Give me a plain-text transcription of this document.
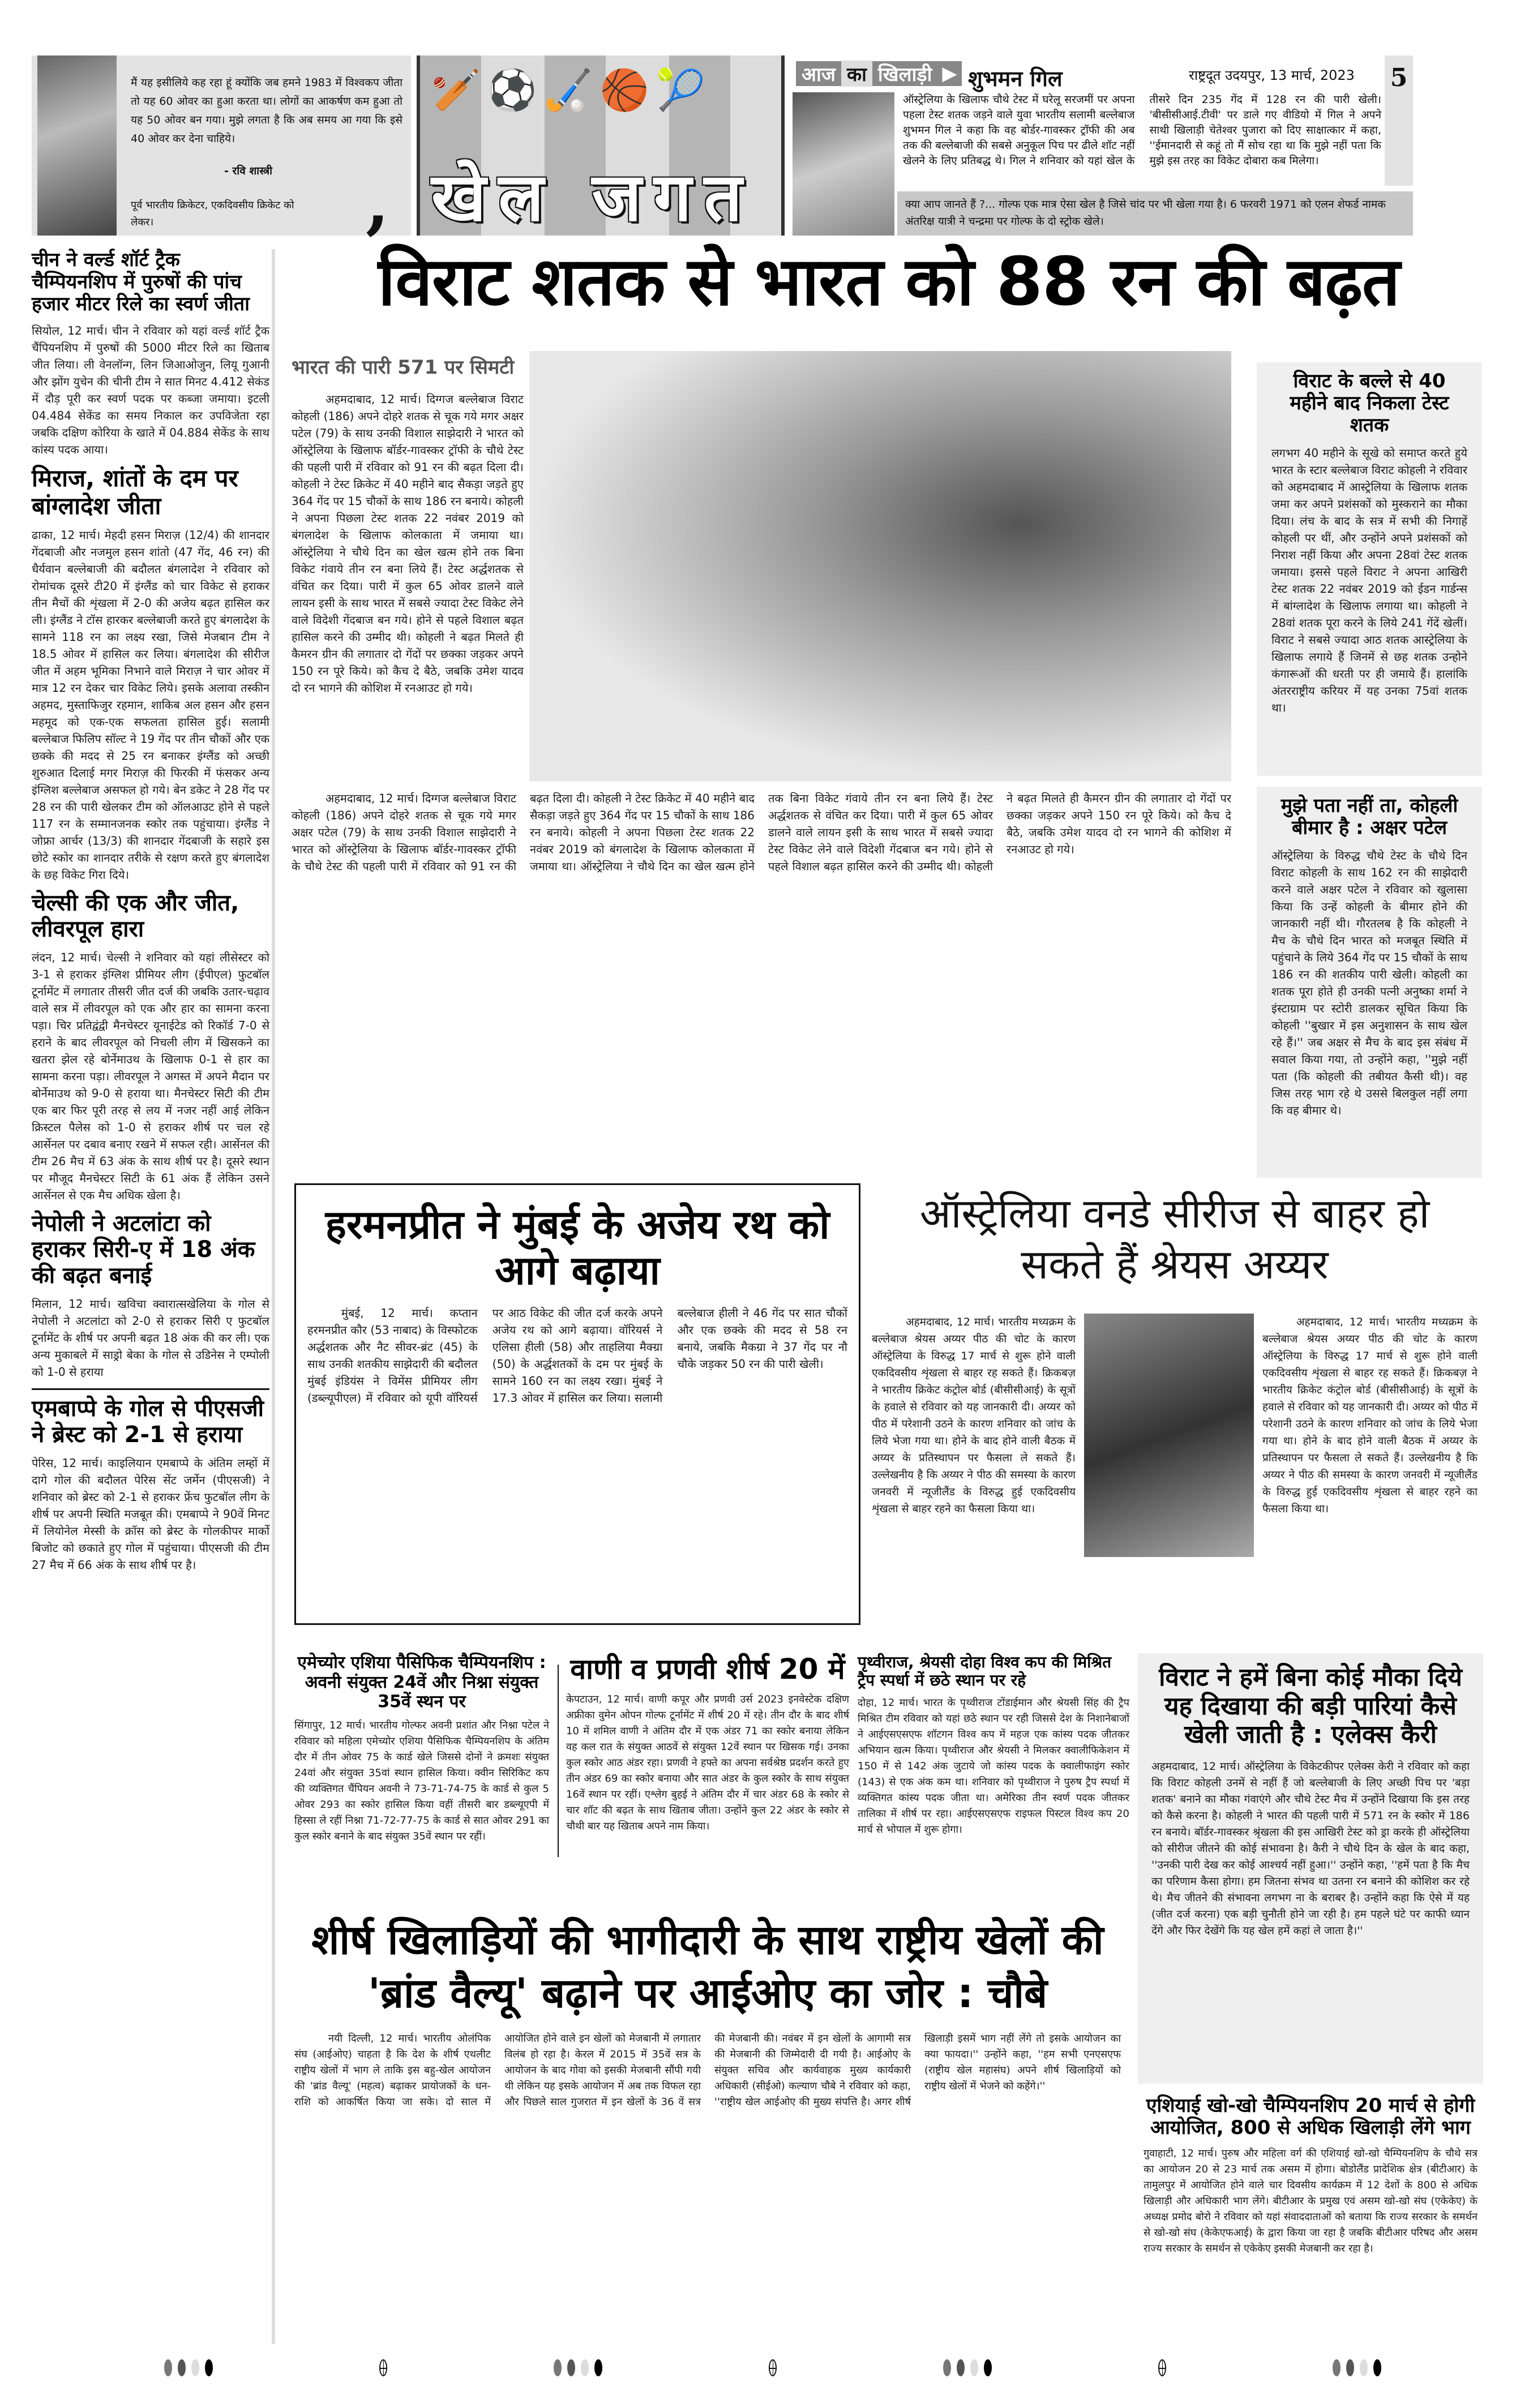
मैं यह इसीलिये कह रहा हूं क्योंकि जब हमने 1983 में विश्वकप जीता तो यह 60 ओवर का हुआ करता था। लोगों का आकर्षण कम हुआ तो यह 50 ओवर बन गया। मुझे लगता है कि अब समय आ गया कि इसे 40 ओवर कर देना चाहिये।
- रवि शास्त्री
पूर्व भारतीय क्रिकेटर, एकदिवसीय क्रिकेट को लेकर।	,
🏏⚽🏑🏀🎾
खेल जगत
आज का खिलाड़ी ▶ शुभमन गिल	राष्ट्रदूत उदयपुर, 13 मार्च, 2023 5
ऑस्ट्रेलिया के खिलाफ चौथे टेस्ट में घरेलू सरजमीं पर अपना पहला टेस्ट शतक जड़ने वाले युवा भारतीय सलामी बल्लेबाज शुभमन गिल ने कहा कि वह बोर्डर-गावस्कर ट्रॉफी की अब तक की बल्लेबाजी की सबसे अनुकूल पिच पर ढीले शॉट नहीं खेलने के लिए प्रतिबद्ध थे। गिल ने शनिवार को यहां खेल के तीसरे दिन 235 गेंद में 128 रन की पारी खेली। 'बीसीसीआई.टीवी' पर डाले गए वीडियो में गिल ने अपने साथी खिलाड़ी चेतेश्वर पुजारा को दिए साक्षात्कार में कहा, ''ईमानदारी से कहूं तो मैं सोच रहा था कि मुझे नहीं पता कि मुझे इस तरह का विकेट दोबारा कब मिलेगा।
क्या आप जानते हैं ?... गोल्फ एक मात्र ऐसा खेल है जिसे चांद पर भी खेला गया है। 6 फरवरी 1971 को एलन शेफर्ड नामक अंतरिक्ष यात्री ने चन्द्रमा पर गोल्फ के दो स्ट्रोक खेले।
चीन ने वर्ल्ड शॉर्ट ट्रैक चैम्पियनशिप में पुरुषों की पांच हजार मीटर रिले का स्वर्ण जीता
सियोल, 12 मार्च। चीन ने रविवार को यहां वर्ल्ड शॉर्ट ट्रैक चैंपियनशिप में पुरुषों की 5000 मीटर रिले का खिताब जीत लिया। ली वेनलॉन्ग, लिन जिआओजुन, लियू गुआनी और झोंग युचेन की चीनी टीम ने सात मिनट 4.412 सेकंड में दौड़ पूरी कर स्वर्ण पदक पर कब्जा जमाया। इटली 04.484 सेकेंड का समय निकाल कर उपविजेता रहा जबकि दक्षिण कोरिया के खाते में 04.884 सेकेंड के साथ कांस्य पदक आया।
मिराज, शांतों के दम पर बांग्लादेश जीता
ढाका, 12 मार्च। मेहदी हसन मिराज़ (12/4) की शानदार गेंदबाजी और नजमुल हसन शांतो (47 गेंद, 46 रन) की धैर्यवान बल्लेबाजी की बदौलत बंगलादेश ने रविवार को रोमांचक दूसरे टी20 में इंग्लैंड को चार विकेट से हराकर तीन मैचों की शृंखला में 2-0 की अजेय बढ़त हासिल कर ली। इंग्लैंड ने टॉस हारकर बल्लेबाजी करते हुए बंगलादेश के सामने 118 रन का लक्ष्य रखा, जिसे मेजबान टीम ने 18.5 ओवर में हासिल कर लिया। बंगलादेश की सीरीज जीत में अहम भूमिका निभाने वाले मिराज़ ने चार ओवर में मात्र 12 रन देकर चार विकेट लिये। इसके अलावा तस्कीन अहमद, मुस्ताफिजुर रहमान, शाकिब अल हसन और हसन महमूद को एक-एक सफलता हासिल हुई। सलामी बल्लेबाज फिलिप सॉल्ट ने 19 गेंद पर तीन चौकों और एक छक्के की मदद से 25 रन बनाकर इंग्लैंड को अच्छी शुरुआत दिलाई मगर मिराज़ की फिरकी में फंसकर अन्य इंग्लिश बल्लेबाज असफल हो गये। बेन डकेट ने 28 गेंद पर 28 रन की पारी खेलकर टीम को ऑलआउट होने से पहले 117 रन के सम्मानजनक स्कोर तक पहुंचाया। इंग्लैंड ने जोफ्रा आर्चर (13/3) की शानदार गेंदबाजी के सहारे इस छोटे स्कोर का शानदार तरीके से रक्षण करते हुए बंगलादेश के छह विकेट गिरा दिये।
चेल्सी की एक और जीत, लीवरपूल हारा
लंदन, 12 मार्च। चेल्सी ने शनिवार को यहां लीसेस्टर को 3-1 से हराकर इंग्लिश प्रीमियर लीग (ईपीएल) फुटबॉल टूर्नामेंट में लगातार तीसरी जीत दर्ज की जबकि उतार-चढ़ाव वाले सत्र में लीवरपूल को एक और हार का सामना करना पड़ा। चिर प्रतिद्वंद्वी मैनचेस्टर यूनाईटेड को रिकॉर्ड 7-0 से हराने के बाद लीवरपूल को निचली लीग में खिसकने का खतरा झेल रहे बोर्नेमाउथ के खिलाफ 0-1 से हार का सामना करना पड़ा। लीवरपूल ने अगस्त में अपने मैदान पर बोर्नेमाउथ को 9-0 से हराया था। मैनचेस्टर सिटी की टीम एक बार फिर पूरी तरह से लय में नजर नहीं आई लेकिन क्रिस्टल पैलेस को 1-0 से हराकर शीर्ष पर चल रहे आर्सेनल पर दबाव बनाए रखने में सफल रही। आर्सेनल की टीम 26 मैच में 63 अंक के साथ शीर्ष पर है। दूसरे स्थान पर मौजूद मैनचेस्टर सिटी के 61 अंक हैं लेकिन उसने आर्सेनल से एक मैच अधिक खेला है।
नेपोली ने अटलांटा को हराकर सिरी-ए में 18 अंक की बढ़त बनाई
मिलान, 12 मार्च। खविचा क्वारात्सखेलिया के गोल से नेपोली ने अटलांटा को 2-0 से हराकर सिरी ए फुटबॉल टूर्नामेंट के शीर्ष पर अपनी बढ़त 18 अंक की कर ली। एक अन्य मुकाबले में साड्रो बेका के गोल से उडिनेस ने एम्पोली को 1-0 से हराया
एमबाप्पे के गोल से पीएसजी ने ब्रेस्ट को 2-1 से हराया
पेरिस, 12 मार्च। काइलियान एमबाप्पे के अंतिम लम्हों में दागे गोल की बदौलत पेरिस सेंट जर्मेन (पीएसजी) ने शनिवार को ब्रेस्ट को 2-1 से हराकर फ्रेंच फुटबॉल लीग के शीर्ष पर अपनी स्थिति मजबूत की। एमबाप्पे ने 90वें मिनट में लियोनेल मेस्सी के क्रॉस को ब्रेस्ट के गोलकीपर मार्को बिजोट को छकाते हुए गोल में पहुंचाया। पीएसजी की टीम 27 मैच में 66 अंक के साथ शीर्ष पर है।
विराट शतक से भारत को 88 रन की बढ़त
भारत की पारी 571 पर सिमटी

अहमदाबाद, 12 मार्च। दिग्गज बल्लेबाज विराट कोहली (186) अपने दोहरे शतक से चूक गये मगर अक्षर पटेल (79) के साथ उनकी विशाल साझेदारी ने भारत को ऑस्ट्रेलिया के खिलाफ बॉर्डर-गावस्कर ट्रॉफी के चौथे टेस्ट की पहली पारी में रविवार को 91 रन की बढ़त दिला दी। कोहली ने टेस्ट क्रिकेट में 40 महीने बाद सैकड़ा जड़ते हुए 364 गेंद पर 15 चौकों के साथ 186 रन बनाये। कोहली ने अपना पिछला टेस्ट शतक 22 नवंबर 2019 को बंगलादेश के खिलाफ कोलकाता में जमाया था। ऑस्ट्रेलिया ने चौथे दिन का खेल खत्म होने तक बिना विकेट गंवाये तीन रन बना लिये हैं। टेस्ट अर्द्धशतक से वंचित कर दिया। पारी में कुल 65 ओवर डालने वाले लायन इसी के साथ भारत में सबसे ज्यादा टेस्ट विकेट लेने वाले विदेशी गेंदबाज बन गये। होने से पहले विशाल बढ़त हासिल करने की उम्मीद थी। कोहली ने बढ़त मिलते ही कैमरन ग्रीन की लगातार दो गेंदों पर छक्का जड़कर अपने 150 रन पूरे किये। को कैच दे बैठे, जबकि उमेश यादव दो रन भागने की कोशिश में रनआउट हो गये।

अहमदाबाद, 12 मार्च। दिग्गज बल्लेबाज विराट कोहली (186) अपने दोहरे शतक से चूक गये मगर अक्षर पटेल (79) के साथ उनकी विशाल साझेदारी ने भारत को ऑस्ट्रेलिया के खिलाफ बॉर्डर-गावस्कर ट्रॉफी के चौथे टेस्ट की पहली पारी में रविवार को 91 रन की बढ़त दिला दी। कोहली ने टेस्ट क्रिकेट में 40 महीने बाद सैकड़ा जड़ते हुए 364 गेंद पर 15 चौकों के साथ 186 रन बनाये। कोहली ने अपना पिछला टेस्ट शतक 22 नवंबर 2019 को बंगलादेश के खिलाफ कोलकाता में जमाया था। ऑस्ट्रेलिया ने चौथे दिन का खेल खत्म होने तक बिना विकेट गंवाये तीन रन बना लिये हैं। टेस्ट अर्द्धशतक से वंचित कर दिया। पारी में कुल 65 ओवर डालने वाले लायन इसी के साथ भारत में सबसे ज्यादा टेस्ट विकेट लेने वाले विदेशी गेंदबाज बन गये। होने से पहले विशाल बढ़त हासिल करने की उम्मीद थी। कोहली ने बढ़त मिलते ही कैमरन ग्रीन की लगातार दो गेंदों पर छक्का जड़कर अपने 150 रन पूरे किये। को कैच दे बैठे, जबकि उमेश यादव दो रन भागने की कोशिश में रनआउट हो गये।

विराट के बल्ले से 40 महीने बाद निकला टेस्ट शतक
लगभग 40 महीने के सूखे को समाप्त करते हुये भारत के स्टार बल्लेबाज विराट कोहली ने रविवार को अहमदाबाद में आस्ट्रेलिया के खिलाफ शतक जमा कर अपने प्रशंसकों को मुस्कराने का मौका दिया। लंच के बाद के सत्र में सभी की निगाहें कोहली पर थीं, और उन्होंने अपने प्रशंसकों को निराश नहीं किया और अपना 28वां टेस्ट शतक जमाया। इससे पहले विराट ने अपना आखिरी टेस्ट शतक 22 नवंबर 2019 को ईडन गार्डन्स में बांग्लादेश के खिलाफ लगाया था। कोहली ने 28वां शतक पूरा करने के लिये 241 गेंदें खेलीं। विराट ने सबसे ज्यादा आठ शतक आस्ट्रेलिया के खिलाफ लगाये हैं जिनमें से छह शतक उन्होने कंगारूओं की धरती पर ही जमाये हैं। हालांकि अंतरराष्ट्रीय करियर में यह उनका 75वां शतक था।
मुझे पता नहीं ता, कोहली बीमार है : अक्षर पटेल
ऑस्ट्रेलिया के विरुद्ध चौथे टेस्ट के चौथे दिन विराट कोहली के साथ 162 रन की साझेदारी करने वाले अक्षर पटेल ने रविवार को खुलासा किया कि उन्हें कोहली के बीमार होने की जानकारी नहीं थी। गौरतलब है कि कोहली ने मैच के चौथे दिन भारत को मजबूत स्थिति में पहुंचाने के लिये 364 गेंद पर 15 चौकों के साथ 186 रन की शतकीय पारी खेली। कोहली का शतक पूरा होते ही उनकी पत्नी अनुष्का शर्मा ने इंस्टाग्राम पर स्टोरी डालकर सूचित किया कि कोहली ''बुखार में इस अनुशासन के साथ खेल रहे हैं।'' जब अक्षर से मैच के बाद इस संबंध में सवाल किया गया, तो उन्होंने कहा, ''मुझे नहीं पता (कि कोहली की तबीयत कैसी थी)। वह जिस तरह भाग रहे थे उससे बिलकुल नहीं लगा कि वह बीमार थे।
हरमनप्रीत ने मुंबई के अजेय रथ को आगे बढ़ाया

मुंबई, 12 मार्च। कप्तान हरमनप्रीत कौर (53 नाबाद) के विस्फोटक अर्द्धशतक और नैट सीवर-ब्रंट (45) के साथ उनकी शतकीय साझेदारी की बदौलत मुंबई इंडियंस ने विमेंस प्रीमियर लीग (डब्ल्यूपीएल) में रविवार को यूपी वॉरियर्स पर आठ विकेट की जीत दर्ज करके अपने अजेय रथ को आगे बढ़ाया। वॉरियर्स ने एलिसा हीली (58) और ताहलिया मैक्ग्रा (50) के अर्द्धशतकों के दम पर मुंबई के सामने 160 रन का लक्ष्य रखा। मुंबई ने 17.3 ओवर में हासिल कर लिया। सलामी बल्लेबाज हीली ने 46 गेंद पर सात चौकों और एक छक्के की मदद से 58 रन बनाये, जबकि मैकग्रा ने 37 गेंद पर नौ चौके जड़कर 50 रन की पारी खेली।

ऑस्ट्रेलिया वनडे सीरीज से बाहर हो सकते हैं श्रेयस अय्यर

अहमदाबाद, 12 मार्च। भारतीय मध्यक्रम के बल्लेबाज श्रेयस अय्यर पीठ की चोट के कारण ऑस्ट्रेलिया के विरुद्ध 17 मार्च से शुरू होने वाली एकदिवसीय शृंखला से बाहर रह सकते हैं। क्रिकबज़ ने भारतीय क्रिकेट कंट्रोल बोर्ड (बीसीसीआई) के सूत्रों के हवाले से रविवार को यह जानकारी दी। अय्यर को पीठ में परेशानी उठने के कारण शनिवार को जांच के लिये भेजा गया था। होने के बाद होने वाली बैठक में अय्यर के प्रतिस्थापन पर फैसला ले सकते हैं। उल्लेखनीय है कि अय्यर ने पीठ की समस्या के कारण जनवरी में न्यूजीलैंड के विरुद्ध हुई एकदिवसीय शृंखला से बाहर रहने का फैसला किया था।

अहमदाबाद, 12 मार्च। भारतीय मध्यक्रम के बल्लेबाज श्रेयस अय्यर पीठ की चोट के कारण ऑस्ट्रेलिया के विरुद्ध 17 मार्च से शुरू होने वाली एकदिवसीय शृंखला से बाहर रह सकते हैं। क्रिकबज़ ने भारतीय क्रिकेट कंट्रोल बोर्ड (बीसीसीआई) के सूत्रों के हवाले से रविवार को यह जानकारी दी। अय्यर को पीठ में परेशानी उठने के कारण शनिवार को जांच के लिये भेजा गया था। होने के बाद होने वाली बैठक में अय्यर के प्रतिस्थापन पर फैसला ले सकते हैं। उल्लेखनीय है कि अय्यर ने पीठ की समस्या के कारण जनवरी में न्यूजीलैंड के विरुद्ध हुई एकदिवसीय शृंखला से बाहर रहने का फैसला किया था।

एमेच्योर एशिया पैसिफिक चैम्पियनशिप : अवनी संयुक्त 24वें और निश्ना संयुक्त 35वें स्थन पर
सिंगापुर, 12 मार्च। भारतीय गोल्फर अवनी प्रशांत और निश्ना पटेल ने रविवार को महिला एमेच्योर एशिया पैसिफिक चैम्पियनशिप के अंतिम दौर में तीन ओवर 75 के कार्ड खेले जिससे दोनों ने क्रमशः संयुक्त 24वां और संयुक्त 35वां स्थान हासिल किया। क्वीन सिरिकिट कप की व्यक्तिगत चैंपियन अवनी ने 73-71-74-75 के कार्ड से कुल 5 ओवर 293 का स्कोर हासिल किया वहीं तीसरी बार डब्ल्यूएपी में हिस्सा ले रहीं निश्ना 71-72-77-75 के कार्ड से सात ओवर 291 का कुल स्कोर बनाने के बाद संयुक्त 35वें स्थान पर रहीं।
वाणी व प्रणवी शीर्ष 20 में
केपटाउन, 12 मार्च। वाणी कपूर और प्रणवी उर्स 2023 इनवेस्टेक दक्षिण अफ्रीका वुमेन ओपन गोल्फ टूर्नामेंट में शीर्ष 20 में रहे। तीन दौर के बाद शीर्ष 10 में शमिल वाणी ने अंतिम दौर में एक अंडर 71 का स्कोर बनाया लेकिन वह कल रात के संयुक्त आठवें से संयुक्त 12वें स्थान पर खिसक गई। उनका कुल स्कोर आठ अंडर रहा। प्रणवी ने हफ्ते का अपना सर्वश्रेष्ठ प्रदर्शन करते हुए तीन अंडर 69 का स्कोर बनाया और सात अंडर के कुल स्कोर के साथ संयुक्त 16वें स्थान पर रहीं। एश्लेग बुहई ने अंतिम दौर में चार अंडर 68 के स्कोर से चार शॉट की बढ़त के साथ खिताब जीता। उन्होंने कुल 22 अंडर के स्कोर से चौथी बार यह खिताब अपने नाम किया।
पृथ्वीराज, श्रेयसी दोहा विश्व कप की मिश्रित ट्रैप स्पर्धा में छठे स्थान पर रहे
दोहा, 12 मार्च। भारत के पृथ्वीराज टोंडाईमान और श्रेयसी सिंह की ट्रैप मिश्रित टीम रविवार को यहां छठे स्थान पर रही जिससे देश के निशानेबाजों ने आईएसएसएफ शॉटगन विश्व कप में महज एक कांस्य पदक जीतकर अभियान खत्म किया। पृथ्वीराज और श्रेयसी ने मिलकर क्वालीफिकेशन में 150 में से 142 अंक जुटाये जो कांस्य पदक के क्वालीफाइंग स्कोर (143) से एक अंक कम था। शनिवार को पृथ्वीराज ने पुरुष ट्रैप स्पर्धा में व्यक्तिगत कांस्य पदक जीता था। अमेरिका तीन स्वर्ण पदक जीतकर तालिका में शीर्ष पर रहा। आईएसएसएफ राइफल पिस्टल विश्व कप 20 मार्च से भोपाल में शुरू होगा।
विराट ने हमें बिना कोई मौका दिये यह दिखाया की बड़ी पारियां कैसे खेली जाती है : एलेक्स कैरी
अहमदाबाद, 12 मार्च। ऑस्ट्रेलिया के विकेटकीपर एलेक्स केरी ने रविवार को कहा कि विराट कोहली उनमें से नहीं हैं जो बल्लेबाजी के लिए अच्छी पिच पर 'बड़ा शतक' बनाने का मौका गंवाएंगे और चौथे टेस्ट मैच में उन्होंने दिखाया कि इस तरह को कैसे करना है। कोहली ने भारत की पहली पारी में 571 रन के स्कोर में 186 रन बनाये। बॉर्डर-गावस्कर श्रृंखला की इस आखिरी टेस्ट को ड्रा करके ही ऑस्ट्रेलिया को सीरीज जीतने की कोई संभावना है। कैरी ने चौथे दिन के खेल के बाद कहा, ''उनकी पारी देख कर कोई आश्चर्य नहीं हुआ।'' उन्होंने कहा, ''हमें पता है कि मैच का परिणाम कैसा होगा। हम जितना संभव था उतना रन बनाने की कोशिश कर रहे थे। मैच जीतने की संभावना लगभग ना के बराबर है। उन्होंने कहा कि ऐसे में यह (जीत दर्ज करना) एक बड़ी चुनौती होने जा रही है। हम पहले घंटे पर काफी ध्यान देंगे और फिर देखेंगे कि यह खेल हमें कहां ले जाता है।''
शीर्ष खिलाड़ियों की भागीदारी के साथ राष्ट्रीय खेलों की 'ब्रांड वैल्यू' बढ़ाने पर आईओए का जोर : चौबे

नयी दिल्ली, 12 मार्च। भारतीय ओलंपिक संघ (आईओए) चाहता है कि देश के शीर्ष एथलीट राष्ट्रीय खेलों में भाग ले ताकि इस बहु-खेल आयोजन की 'ब्रांड वैल्यू' (महत्व) बढ़ाकर प्रायोजकों के धन-राशि को आकर्षित किया जा सके। दो साल में आयोजित होने वाले इन खेलों को मेजबानी में लगातार विलंब हो रहा है। केरल में 2015 में 35वें सत्र के आयोजन के बाद गोवा को इसकी मेजबानी सौंपी गयी थी लेकिन यह इसके आयोजन में अब तक विफल रहा और पिछले साल गुजरात में इन खेलों के 36 वें सत्र की मेजबानी की। नवंबर में इन खेलों के आगामी सत्र की मेजबानी की जिम्मेदारी दी गयी है। आईओए के संयुक्त सचिव और कार्यवाहक मुख्य कार्यकारी अधिकारी (सीईओ) कल्याण चौबे ने रविवार को कहा, ''राष्ट्रीय खेल आईओए की मुख्य संपत्ति है। अगर शीर्ष खिलाड़ी इसमें भाग नहीं लेंगे तो इसके आयोजन का क्या फायदा।'' उन्होंने कहा, ''हम सभी एनएसएफ (राष्ट्रीय खेल महासंघ) अपने शीर्ष खिलाड़ियों को राष्ट्रीय खेलों में भेजने को कहेंगे।''

एशियाई खो-खो चैम्पियनशिप 20 मार्च से होगी आयोजित, 800 से अधिक खिलाड़ी लेंगे भाग
गुवाहाटी, 12 मार्च। पुरुष और महिला वर्ग की एशियाई खो-खो चैम्पियनशिप के चौथे सत्र का आयोजन 20 से 23 मार्च तक असम में होगा। बोडोलैंड प्रादेशिक क्षेत्र (बीटीआर) के तामुलपुर में आयोजित होने वाले चार दिवसीय कार्यक्रम में 12 देशों के 800 से अधिक खिलाड़ी और अधिकारी भाग लेंगे। बीटीआर के प्रमुख एवं असम खो-खो संघ (एकेकेए) के अध्यक्ष प्रमोद बोरो ने रविवार को यहां संवाददाताओं को बताया कि राज्य सरकार के समर्थन से खो-खो संघ (केकेएफआई) के द्वारा किया जा रहा है जबकि बीटीआर परिषद और असम राज्य सरकार के समर्थन से एकेकेए इसकी मेजबानी कर रहा है।
